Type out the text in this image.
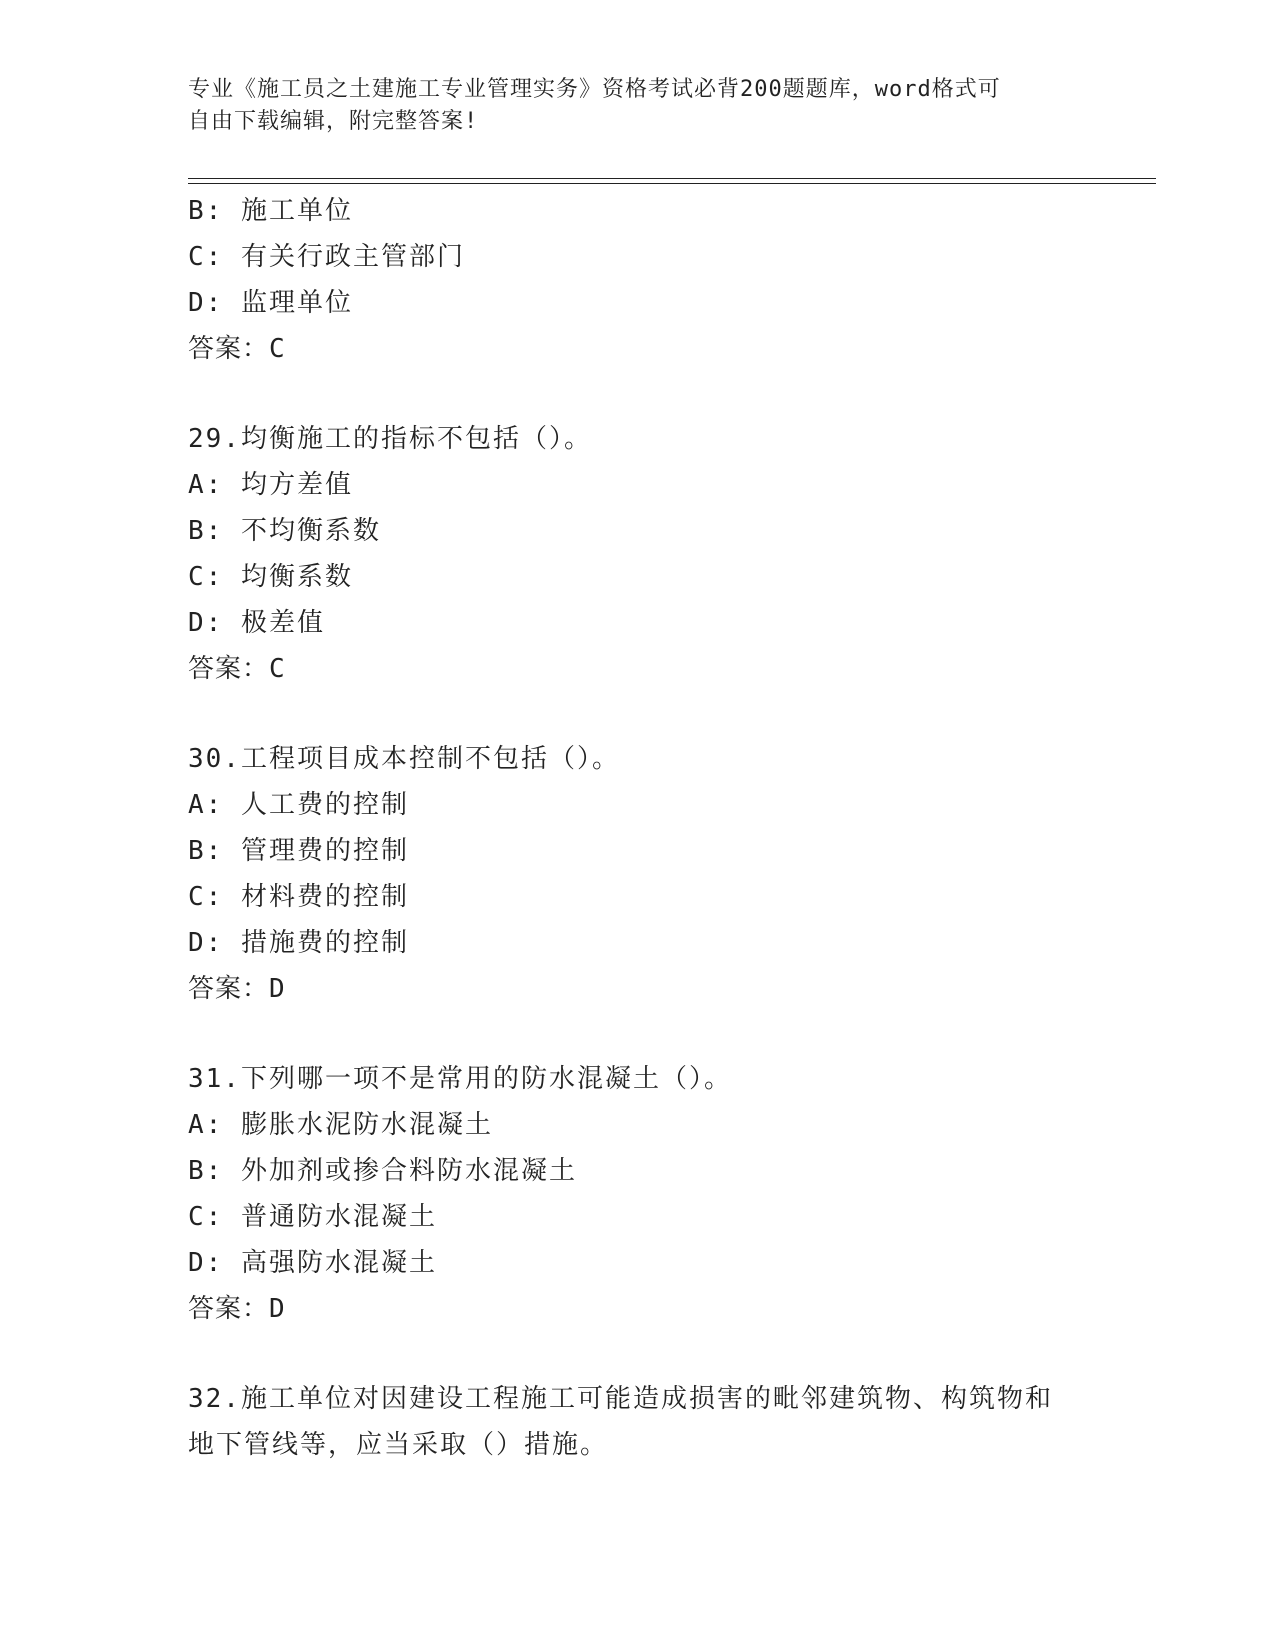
专业《施工员之土建施工专业管理实务》资格考试必背200题题库，word格式可
自由下载编辑，附完整答案!
B: 施工单位
C: 有关行政主管部门
D: 监理单位
答案：C
29.均衡施工的指标不包括（）。
A: 均方差值
B: 不均衡系数
C: 均衡系数
D: 极差值
答案：C
30.工程项目成本控制不包括（）。
A: 人工费的控制
B: 管理费的控制
C: 材料费的控制
D: 措施费的控制
答案：D
31.下列哪一项不是常用的防水混凝土（）。
A: 膨胀水泥防水混凝土
B: 外加剂或掺合料防水混凝土
C: 普通防水混凝土
D: 高强防水混凝土
答案：D
32.施工单位对因建设工程施工可能造成损害的毗邻建筑物、构筑物和
地下管线等，应当采取（）措施。
